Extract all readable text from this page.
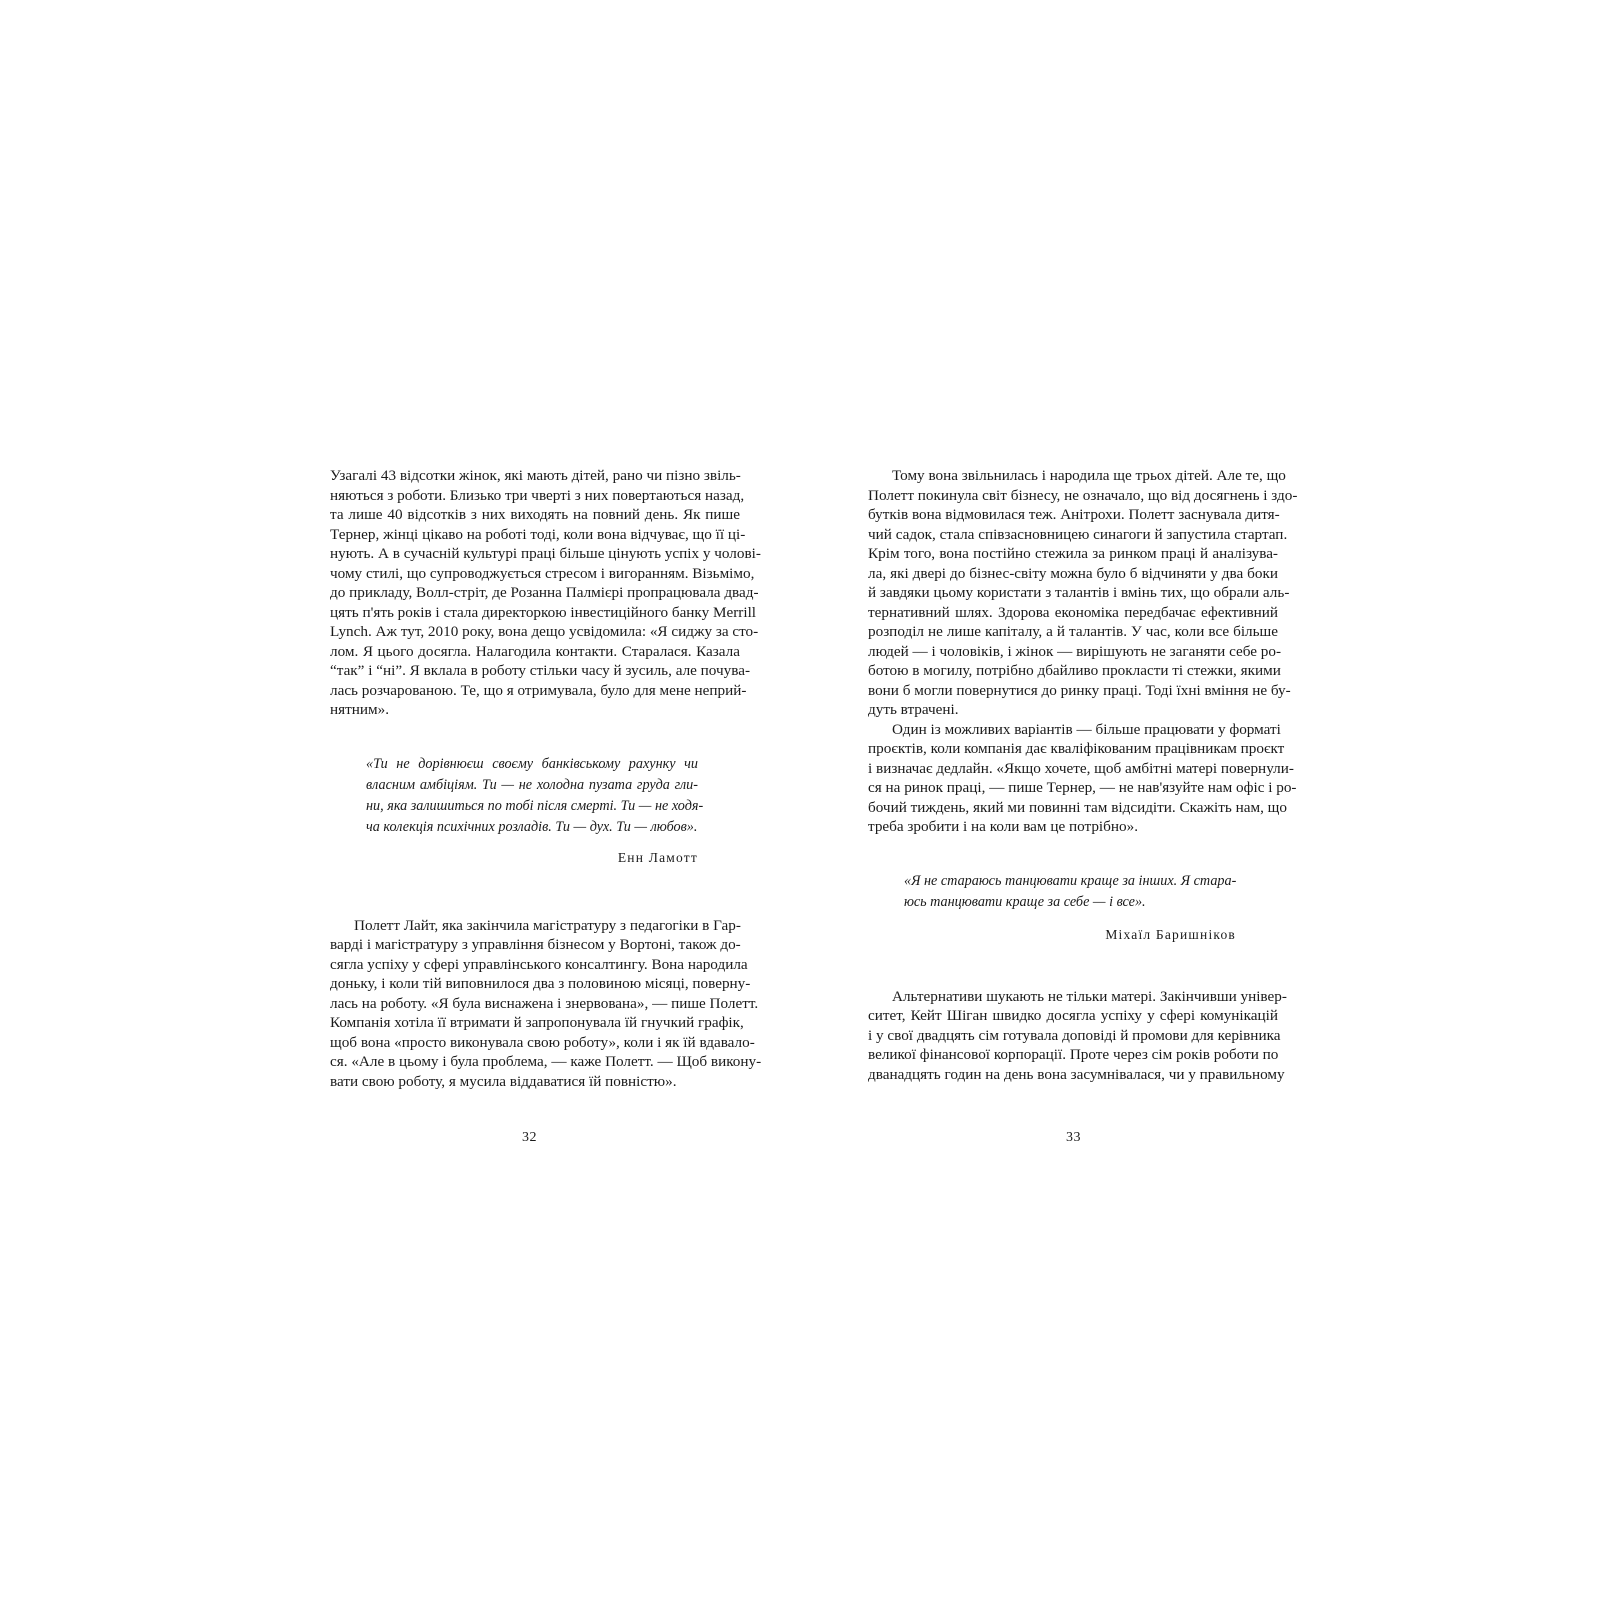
Узагалі 43 відсотки жінок, які мають дітей, рано чи пізно звіль-
няються з роботи. Близько три чверті з них повертаються назад,
та лише 40 відсотків з них виходять на повний день. Як пише
Тернер, жінці цікаво на роботі тоді, коли вона відчуває, що її ці-
нують. А в сучасній культурі праці більше цінують успіх у чолові-
чому стилі, що супроводжується стресом і вигоранням. Візьмімо,
до прикладу, Волл-стріт, де Розанна Палмієрі пропрацювала двад-
цять п'ять років і стала директоркою інвестиційного банку Merrill
Lynch. Аж тут, 2010 року, вона дещо усвідомила: «Я сиджу за сто-
лом. Я цього досягла. Налагодила контакти. Старалася. Казала
“так” і “ні”. Я вклала в роботу стільки часу й зусиль, але почува-
лась розчарованою. Те, що я отримувала, було для мене неприй-
нятним».
«Ти не дорівнюєш своєму банківському рахунку чи
власним амбіціям. Ти — не холодна пузата груда гли-
ни, яка залишиться по тобі після смерті. Ти — не ходя-
ча колекція психічних розладів. Ти — дух. Ти — любов».
Енн Ламотт
Полетт Лайт, яка закінчила магістратуру з педагогіки в Гар-
варді і магістратуру з управління бізнесом у Вортоні, також до-
сягла успіху у сфері управлінського консалтингу. Вона народила
доньку, і коли тій виповнилося два з половиною місяці, поверну-
лась на роботу. «Я була виснажена і знервована», — пише Полетт.
Компанія хотіла її втримати й запропонувала їй гнучкий графік,
щоб вона «просто виконувала свою роботу», коли і як їй вдавало-
ся. «Але в цьому і була проблема, — каже Полетт. — Щоб викону-
вати свою роботу, я мусила віддаватися їй повністю».
Тому вона звільнилась і народила ще трьох дітей. Але те, що
Полетт покинула світ бізнесу, не означало, що від досягнень і здо-
бутків вона відмовилася теж. Анітрохи. Полетт заснувала дитя-
чий садок, стала співзасновницею синагоги й запустила стартап.
Крім того, вона постійно стежила за ринком праці й аналізува-
ла, які двері до бізнес-світу можна було б відчиняти у два боки
й завдяки цьому користати з талантів і вмінь тих, що обрали аль-
тернативний шлях. Здорова економіка передбачає ефективний
розподіл не лише капіталу, а й талантів. У час, коли все більше
людей — і чоловіків, і жінок — вирішують не заганяти себе ро-
ботою в могилу, потрібно дбайливо прокласти ті стежки, якими
вони б могли повернутися до ринку праці. Тоді їхні вміння не бу-
дуть втрачені.
Один із можливих варіантів — більше працювати у форматі
проєктів, коли компанія дає кваліфікованим працівникам проєкт
і визначає дедлайн. «Якщо хочете, щоб амбітні матері повернули-
ся на ринок праці, — пише Тернер, — не нав'язуйте нам офіс і ро-
бочий тиждень, який ми повинні там відсидіти. Скажіть нам, що
треба зробити і на коли вам це потрібно».
«Я не стараюсь танцювати краще за інших. Я старa-
юсь танцювати краще за себе — і все».
Міхаїл Баришніков
Альтернативи шукають не тільки матері. Закінчивши універ-
ситет, Кейт Шіган швидко досягла успіху у сфері комунікацій
і у свої двадцять сім готувала доповіді й промови для керівника
великої фінансової корпорації. Проте через сім років роботи по
дванадцять годин на день вона засумнівалася, чи у правильному
32	33
